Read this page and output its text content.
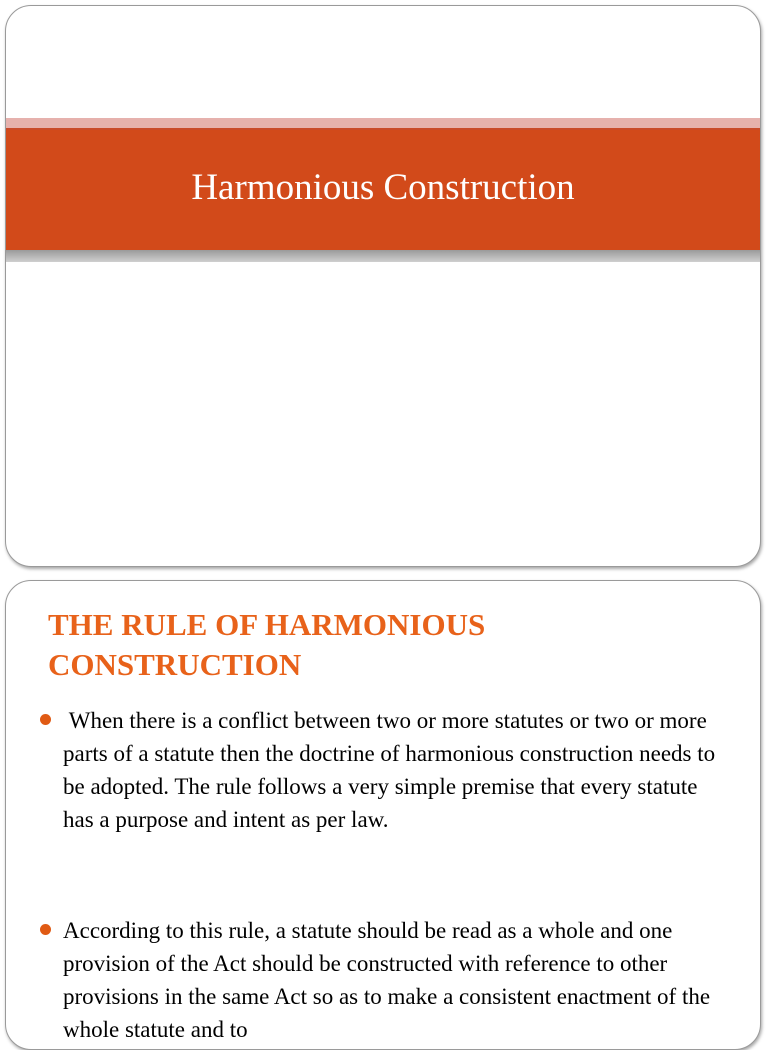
Harmonious Construction
THE RULE OF HARMONIOUS CONSTRUCTION
When there is a conflict between two or more statutes or two or more parts of a statute then the doctrine of harmonious construction needs to be adopted. The rule follows a very simple premise that every statute has a purpose and intent as per law.
According to this rule, a statute should be read as a whole and one provision of the Act should be constructed with reference to other provisions in the same Act so as to make a consistent enactment of the whole statute and to
